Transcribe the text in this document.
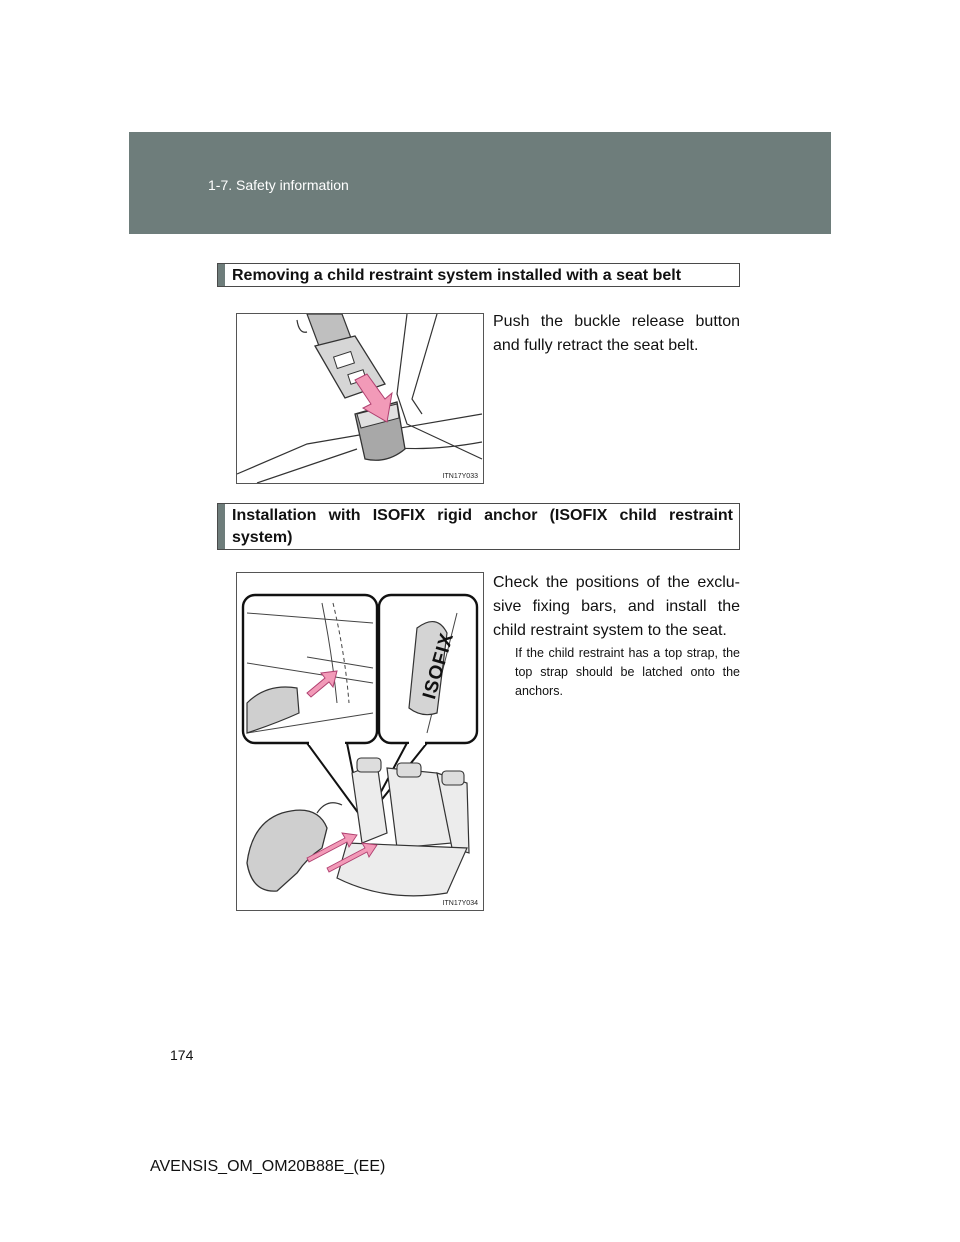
1-7. Safety information
Removing a child restraint system installed with a seat belt
ITN17Y033
Push the buckle release button and fully retract the seat belt.
Installation with ISOFIX rigid anchor (ISOFIX child restraint system)
ISOFIX
ITN17Y034
Check the positions of the exclu-sive fixing bars, and install the child restraint system to the seat.
If the child restraint has a top strap, the top strap should be latched onto the anchors.
174
AVENSIS_OM_OM20B88E_(EE)
